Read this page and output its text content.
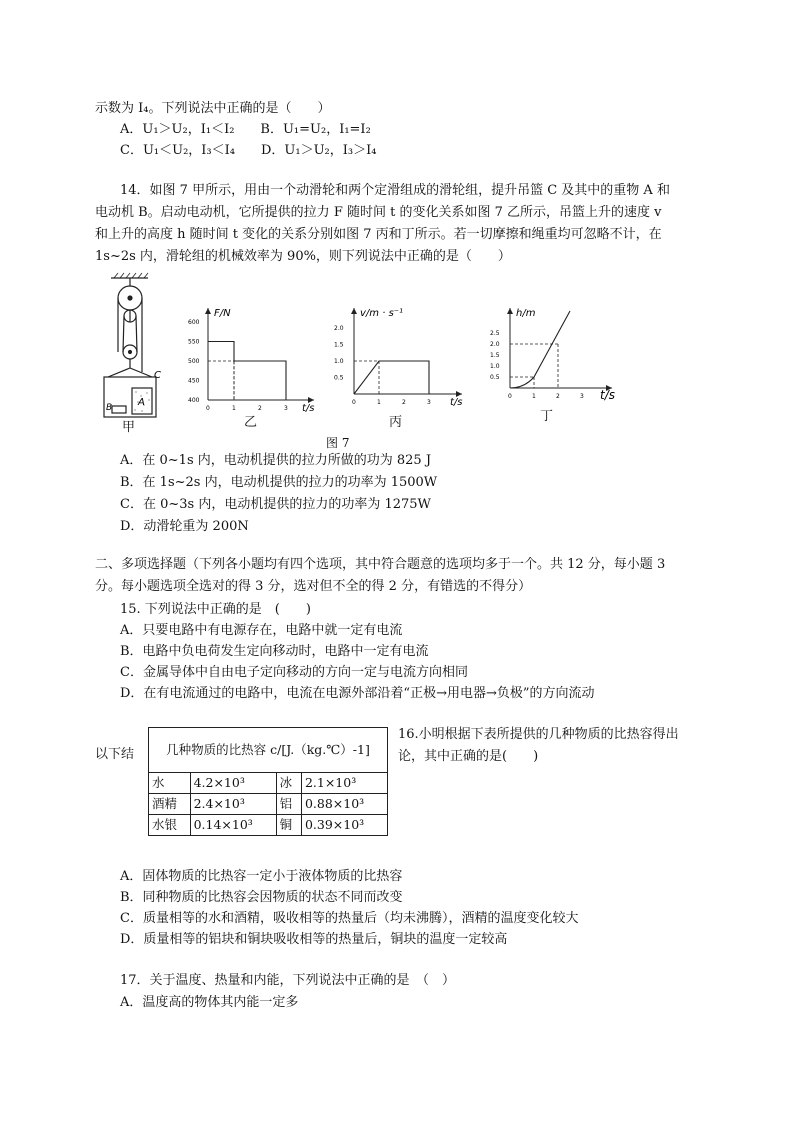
示数为 I₄。下列说法中正确的是（　　）
A．U₁＞U₂，I₁＜I₂　　B．U₁=U₂，I₁=I₂
C．U₁＜U₂，I₃＜I₄　　D．U₁＞U₂，I₃＞I₄
14．如图 7 甲所示，用由一个动滑轮和两个定滑组成的滑轮组，提升吊篮 C 及其中的重物 A 和
电动机 B。启动电动机，它所提供的拉力 F 随时间 t 的变化关系如图 7 乙所示，吊篮上升的速度 v
和上升的高度 h 随时间 t 变化的关系分别如图 7 丙和丁所示。若一切摩擦和绳重均可忽略不计，在
1s~2s 内，滑轮组的机械效率为 90%，则下列说法中正确的是（　　）
C
A
B
甲
F/N
t/s
0	1	2	3
400
450
500
550
600
乙
v/m · s⁻¹
t/s
0	1	2	3
0.5
1.0
1.5
2.0
丙
图 7
h/m
t/s
0	1	2	3
0.5
1.0
1.5
2.0
2.5
丁
A．在 0~1s 内，电动机提供的拉力所做的功为 825 J
B．在 1s~2s 内，电动机提供的拉力的功率为 1500W
C．在 0~3s 内，电动机提供的拉力的功率为 1275W
D．动滑轮重为 200N
二、多项选择题（下列各小题均有四个选项，其中符合题意的选项均多于一个。共 12 分，每小题 3
分。每小题选项全选对的得 3 分，选对但不全的得 2 分，有错选的不得分）
15. 下列说法中正确的是　(　　)
A．只要电路中有电源存在，电路中就一定有电流
B．电路中负电荷发生定向移动时，电路中一定有电流
C．金属导体中自由电子定向移动的方向一定与电流方向相同
D．在有电流通过的电路中，电流在电源外部沿着“正极→用电器→负极”的方向流动
以下结
16.小明根据下表所提供的几种物质的比热容得出
论，其中正确的是(　　)
几种物质的比热容 c/[J.（kg.℃）-1]			
水	4.2×10³	冰	2.1×10³
酒精	2.4×10³	铝	0.88×10³
水银	0.14×10³	铜	0.39×10³
A．固体物质的比热容一定小于液体物质的比热容
B．同种物质的比热容会因物质的状态不同而改变
C．质量相等的水和酒精，吸收相等的热量后（均未沸腾），酒精的温度变化较大
D．质量相等的铝块和铜块吸收相等的热量后，铜块的温度一定较高
17．关于温度、热量和内能，下列说法中正确的是　（　）
A．温度高的物体其内能一定多
